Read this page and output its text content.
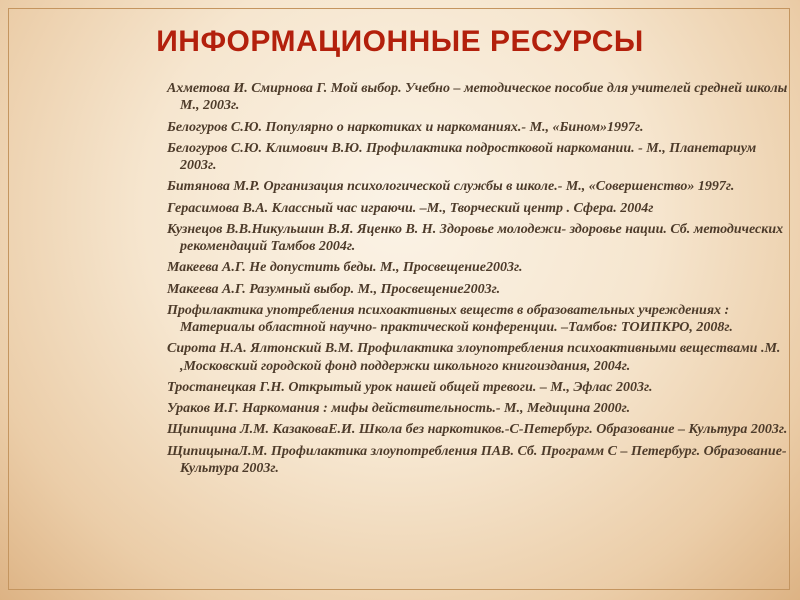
ИНФОРМАЦИОННЫЕ РЕСУРСЫ
Ахметова И. Смирнова Г. Мой выбор. Учебно – методическое пособие для учителей средней школы М., 2003г.
Белогуров С.Ю. Популярно о наркотиках и наркоманиях.- М., «Бином»1997г.
Белогуров С.Ю. Климович В.Ю. Профилактика подростковой наркомании. - М., Планетариум 2003г.
Битянова М.Р. Организация психологической службы в школе.- М., «Совершенство» 1997г.
Герасимова В.А. Классный час играючи. –М., Творческий центр . Сфера. 2004г
Кузнецов В.В.Никульшин В.Я. Яценко В. Н. Здоровье молодежи- здоровье нации. Сб. методических рекомендаций Тамбов 2004г.
Макеева А.Г. Не допустить беды. М., Просвещение2003г.
Макеева А.Г. Разумный выбор. М., Просвещение2003г.
Профилактика употребления психоактивных веществ в образовательных учреждениях : Материалы областной научно- практической конференции. –Тамбов: ТОИПКРО, 2008г.
Сирота Н.А. Ялтонский В.М. Профилактика злоупотребления психоактивными веществами .М. ,Московский городской фонд поддержки школьного книгоиздания, 2004г.
Тростанецкая Г.Н. Открытый урок нашей общей тревоги. – М., Эфлас 2003г.
Ураков И.Г. Наркомания : мифы действительность.- М., Медицина 2000г.
Щипицина Л.М. КазаковаЕ.И. Школа без наркотиков.-С-Петербург. Образование – Культура 2003г.
ЩипицынаЛ.М. Профилактика злоупотребления ПАВ. Сб. Программ С – Петербург. Образование- Культура 2003г.
